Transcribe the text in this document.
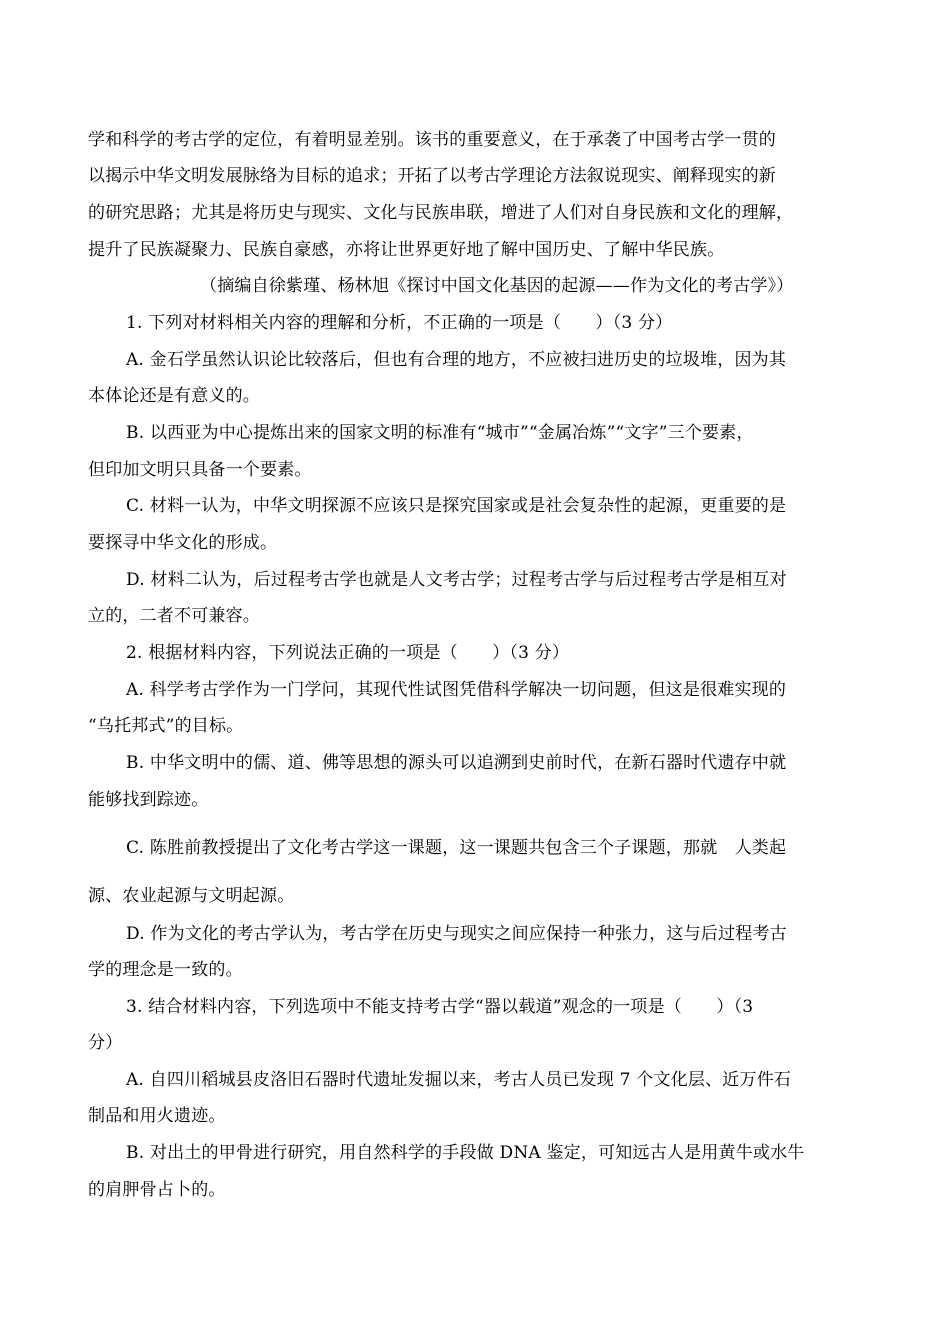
学和科学的考古学的定位，有着明显差别。该书的重要意义，在于承袭了中国考古学一贯的
以揭示中华文明发展脉络为目标的追求；开拓了以考古学理论方法叙说现实、阐释现实的新
的研究思路；尤其是将历史与现实、文化与民族串联，增进了人们对自身民族和文化的理解，
提升了民族凝聚力、民族自豪感，亦将让世界更好地了解中国历史、了解中华民族。
（摘编自徐紫瑾、杨林旭《探讨中国文化基因的起源——作为文化的考古学》）
1. 下列对材料相关内容的理解和分析，不正确的一项是（　　）（3 分）
A. 金石学虽然认识论比较落后，但也有合理的地方，不应被扫进历史的垃圾堆，因为其
本体论还是有意义的。
B. 以西亚为中心提炼出来的国家文明的标准有“城市”“金属冶炼”“文字”三个要素，
但印加文明只具备一个要素。
C. 材料一认为，中华文明探源不应该只是探究国家或是社会复杂性的起源，更重要的是
要探寻中华文化的形成。
D. 材料二认为，后过程考古学也就是人文考古学；过程考古学与后过程考古学是相互对
立的，二者不可兼容。
2. 根据材料内容，下列说法正确的一项是（　　）（3 分）
A. 科学考古学作为一门学问，其现代性试图凭借科学解决一切问题，但这是很难实现的
“乌托邦式”的目标。
B. 中华文明中的儒、道、佛等思想的源头可以追溯到史前时代，在新石器时代遗存中就
能够找到踪迹。
C. 陈胜前教授提出了文化考古学这一课题，这一课题共包含三个子课题，那就　人类起
源、农业起源与文明起源。
D. 作为文化的考古学认为，考古学在历史与现实之间应保持一种张力，这与后过程考古
学的理念是一致的。
3. 结合材料内容，下列选项中不能支持考古学“器以载道”观念的一项是（　　）（3
分）
A. 自四川稻城县皮洛旧石器时代遗址发掘以来，考古人员已发现 7 个文化层、近万件石
制品和用火遗迹。
B. 对出土的甲骨进行研究，用自然科学的手段做 DNA 鉴定，可知远古人是用黄牛或水牛
的肩胛骨占卜的。
